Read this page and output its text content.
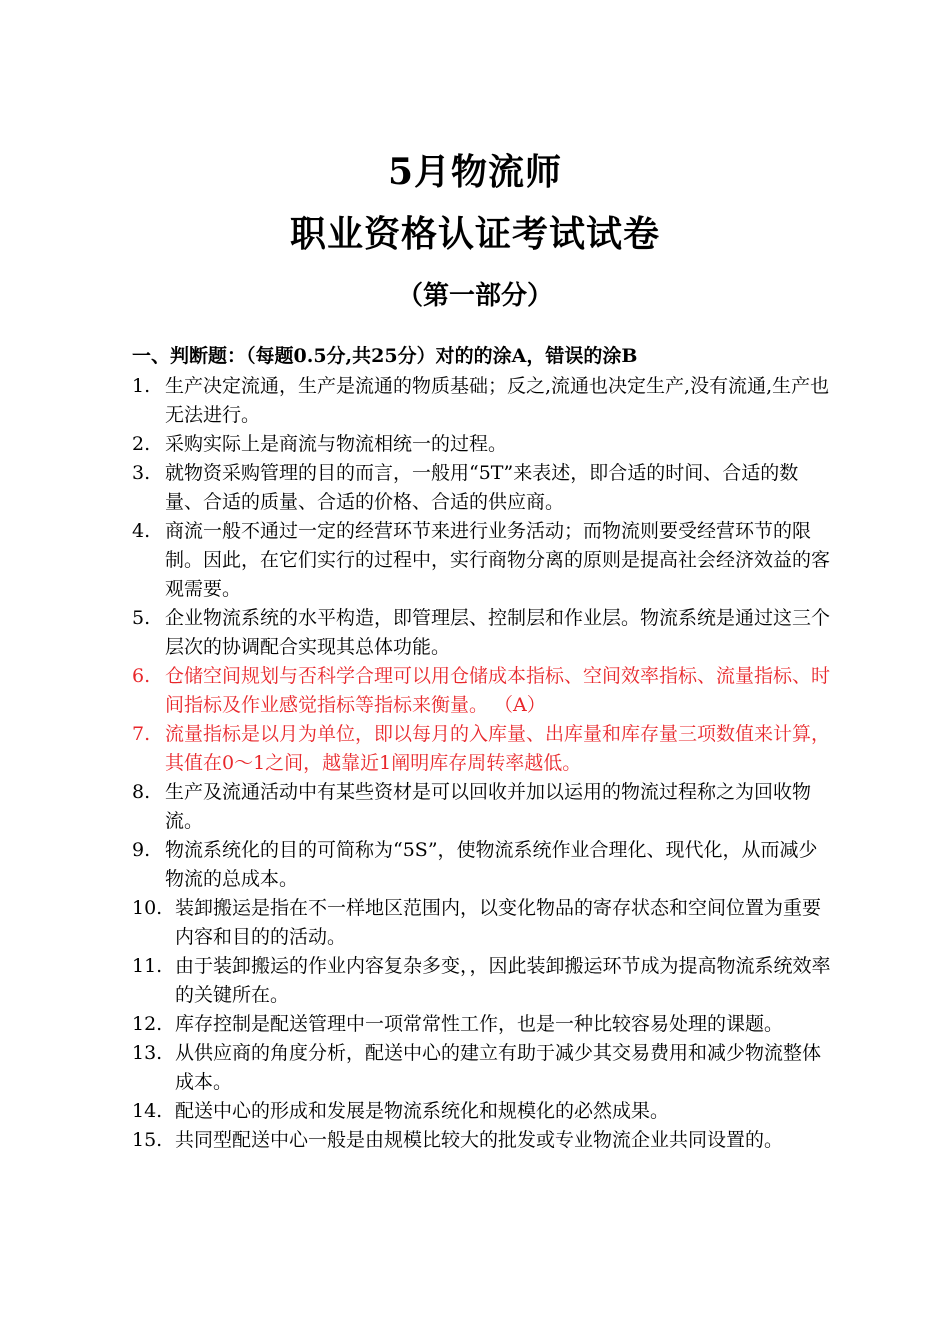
5月物流师
职业资格认证考试试卷
（第一部分）
一、判断题：（每题0.5分,共25分）对的的涂A，错误的涂B
1. 生产决定流通，生产是流通的物质基础；反之,流通也决定生产,没有流通,生产也无法进行。
2. 采购实际上是商流与物流相统一的过程。
3. 就物资采购管理的目的而言，一般用“5T”来表述，即合适的时间、合适的数量、合适的质量、合适的价格、合适的供应商。
4. 商流一般不通过一定的经营环节来进行业务活动；而物流则要受经营环节的限制。因此，在它们实行的过程中，实行商物分离的原则是提高社会经济效益的客观需要。
5. 企业物流系统的水平构造，即管理层、控制层和作业层。物流系统是通过这三个层次的协调配合实现其总体功能。
6. 仓储空间规划与否科学合理可以用仓储成本指标、空间效率指标、流量指标、时间指标及作业感觉指标等指标来衡量。 （A）
7. 流量指标是以月为单位，即以每月的入库量、出库量和库存量三项数值来计算，其值在0～1之间，越靠近1阐明库存周转率越低。
8. 生产及流通活动中有某些资材是可以回收并加以运用的物流过程称之为回收物流。
9. 物流系统化的目的可简称为“5S”，使物流系统作业合理化、现代化，从而减少物流的总成本。
10. 装卸搬运是指在不一样地区范围内，以变化物品的寄存状态和空间位置为重要内容和目的的活动。
11. 由于装卸搬运的作业内容复杂多变，，因此装卸搬运环节成为提高物流系统效率的关键所在。
12. 库存控制是配送管理中一项常常性工作，也是一种比较容易处理的课题。
13. 从供应商的角度分析，配送中心的建立有助于减少其交易费用和减少物流整体成本。
14. 配送中心的形成和发展是物流系统化和规模化的必然成果。
15. 共同型配送中心一般是由规模比较大的批发或专业物流企业共同设置的。
